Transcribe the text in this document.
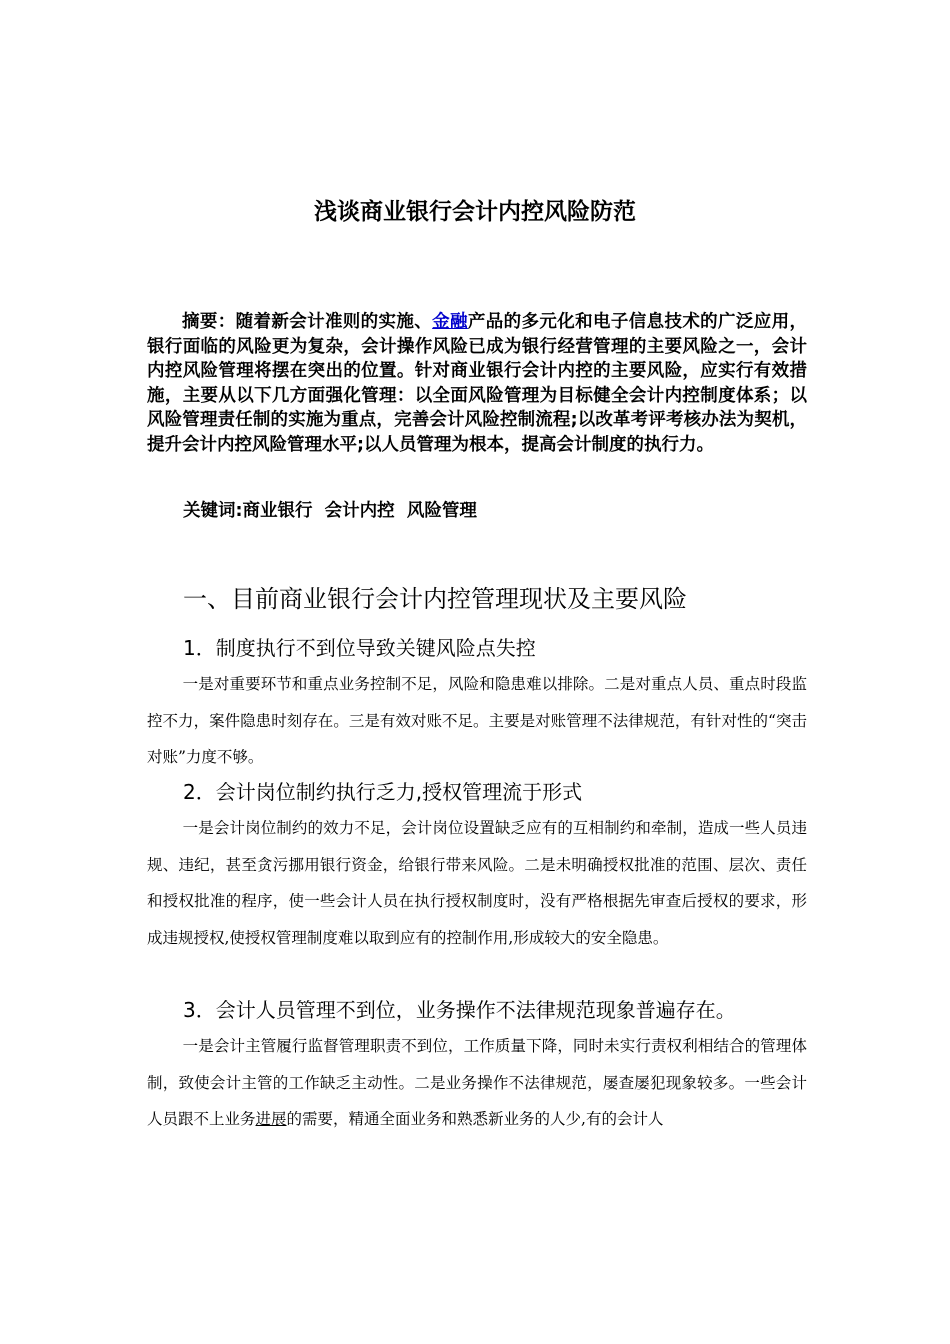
浅谈商业银行会计内控风险防范

摘要：随着新会计准则的实施、金融产品的多元化和电子信息技术的广泛应用，银行面临的风险更为复杂，会计操作风险已成为银行经营管理的主要风险之一，会计内控风险管理将摆在突出的位置。针对商业银行会计内控的主要风险，应实行有效措施，主要从以下几方面强化管理：以全面风险管理为目标健全会计内控制度体系；以风险管理责任制的实施为重点，完善会计风险控制流程;以改革考评考核办法为契机，提升会计内控风险管理水平;以人员管理为根本，提高会计制度的执行力。

关键词:商业银行  会计内控  风险管理
一、目前商业银行会计内控管理现状及主要风险
1．制度执行不到位导致关键风险点失控

一是对重要环节和重点业务控制不足，风险和隐患难以排除。二是对重点人员、重点时段监控不力，案件隐患时刻存在。三是有效对账不足。主要是对账管理不法律规范，有针对性的“突击对账”力度不够。

2．会计岗位制约执行乏力,授权管理流于形式

一是会计岗位制约的效力不足，会计岗位设置缺乏应有的互相制约和牵制，造成一些人员违规、违纪，甚至贪污挪用银行资金，给银行带来风险。二是未明确授权批准的范围、层次、责任和授权批准的程序，使一些会计人员在执行授权制度时，没有严格根据先审查后授权的要求，形成违规授权,使授权管理制度难以取到应有的控制作用,形成较大的安全隐患。

3．会计人员管理不到位，业务操作不法律规范现象普遍存在。

一是会计主管履行监督管理职责不到位，工作质量下降，同时未实行责权利相结合的管理体制，致使会计主管的工作缺乏主动性。二是业务操作不法律规范，屡查屡犯现象较多。一些会计人员跟不上业务进展的需要，精通全面业务和熟悉新业务的人少,有的会计人
